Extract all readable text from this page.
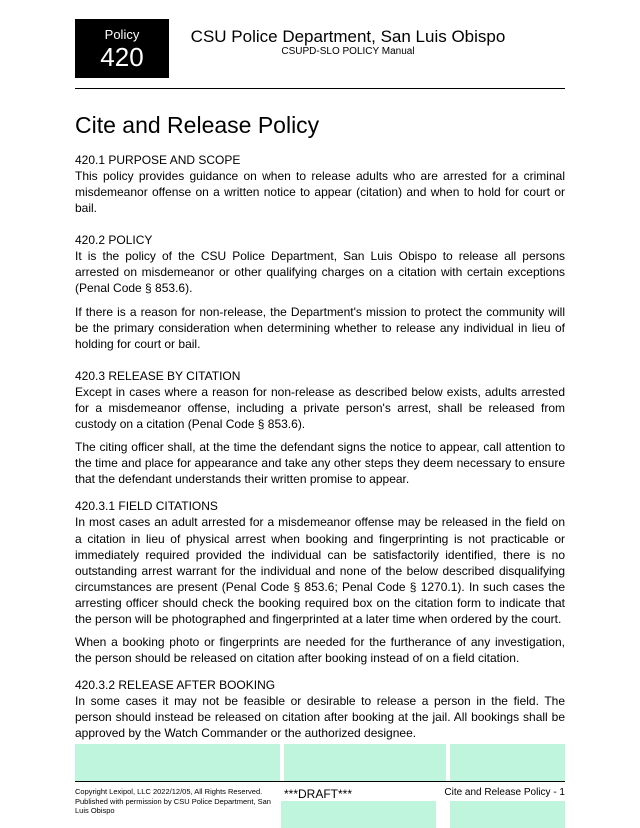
Policy
420
CSU Police Department, San Luis Obispo
CSUPD-SLO POLICY Manual
Cite and Release Policy
420.1 PURPOSE AND SCOPE

This policy provides guidance on when to release adults who are arrested for a criminal misdemeanor offense on a written notice to appear (citation) and when to hold for court or bail.

420.2 POLICY

It is the policy of the CSU Police Department, San Luis Obispo to release all persons arrested on misdemeanor or other qualifying charges on a citation with certain exceptions (Penal Code § 853.6).

If there is a reason for non-release, the Department's mission to protect the community will be the primary consideration when determining whether to release any individual in lieu of holding for court or bail.

420.3 RELEASE BY CITATION

Except in cases where a reason for non-release as described below exists, adults arrested for a misdemeanor offense, including a private person's arrest, shall be released from custody on a citation (Penal Code § 853.6).

The citing officer shall, at the time the defendant signs the notice to appear, call attention to the time and place for appearance and take any other steps they deem necessary to ensure that the defendant understands their written promise to appear.

420.3.1 FIELD CITATIONS

In most cases an adult arrested for a misdemeanor offense may be released in the field on a citation in lieu of physical arrest when booking and fingerprinting is not practicable or immediately required provided the individual can be satisfactorily identified, there is no outstanding arrest warrant for the individual and none of the below described disqualifying circumstances are present (Penal Code § 853.6; Penal Code § 1270.1). In such cases the arresting officer should check the booking required box on the citation form to indicate that the person will be photographed and fingerprinted at a later time when ordered by the court.

When a booking photo or fingerprints are needed for the furtherance of any investigation, the person should be released on citation after booking instead of on a field citation.

420.3.2 RELEASE AFTER BOOKING

In some cases it may not be feasible or desirable to release a person in the field. The person should instead be released on citation after booking at the jail. All bookings shall be approved by the Watch Commander or the authorized designee.

Copyright Lexipol, LLC 2022/12/05, All Rights Reserved. Published with permission by CSU Police Department, San Luis Obispo
***DRAFT***	Cite and Release Policy - 1
